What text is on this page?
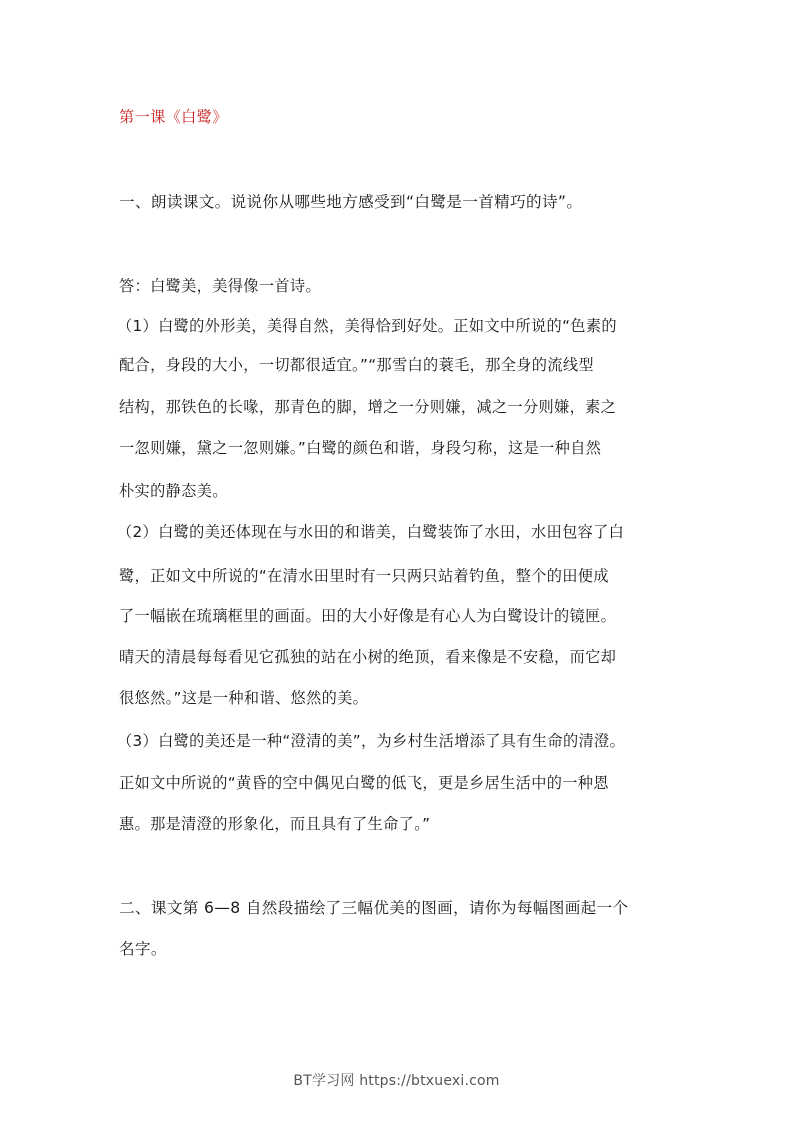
第一课《白鹭》
一、朗读课文。说说你从哪些地方感受到“白鹭是一首精巧的诗”。
答：白鹭美，美得像一首诗。
（1）白鹭的外形美，美得自然，美得恰到好处。正如文中所说的“色素的
配合，身段的大小，一切都很适宜。”“那雪白的蓑毛，那全身的流线型
结构，那铁色的长喙，那青色的脚，增之一分则嫌，减之一分则嫌，素之
一忽则嫌，黛之一忽则嫌。”白鹭的颜色和谐，身段匀称，这是一种自然
朴实的静态美。
（2）白鹭的美还体现在与水田的和谐美，白鹭装饰了水田，水田包容了白
鹭，正如文中所说的“在清水田里时有一只两只站着钓鱼，整个的田便成
了一幅嵌在琉璃框里的画面。田的大小好像是有心人为白鹭设计的镜匣。
晴天的清晨每每看见它孤独的站在小树的绝顶，看来像是不安稳，而它却
很悠然。”这是一种和谐、悠然的美。
（3）白鹭的美还是一种“澄清的美”，为乡村生活增添了具有生命的清澄。
正如文中所说的“黄昏的空中偶见白鹭的低飞，更是乡居生活中的一种恩
惠。那是清澄的形象化，而且具有了生命了。”
二、课文第 6—8 自然段描绘了三幅优美的图画，请你为每幅图画起一个
名字。
BT学习网 https://btxuexi.com
